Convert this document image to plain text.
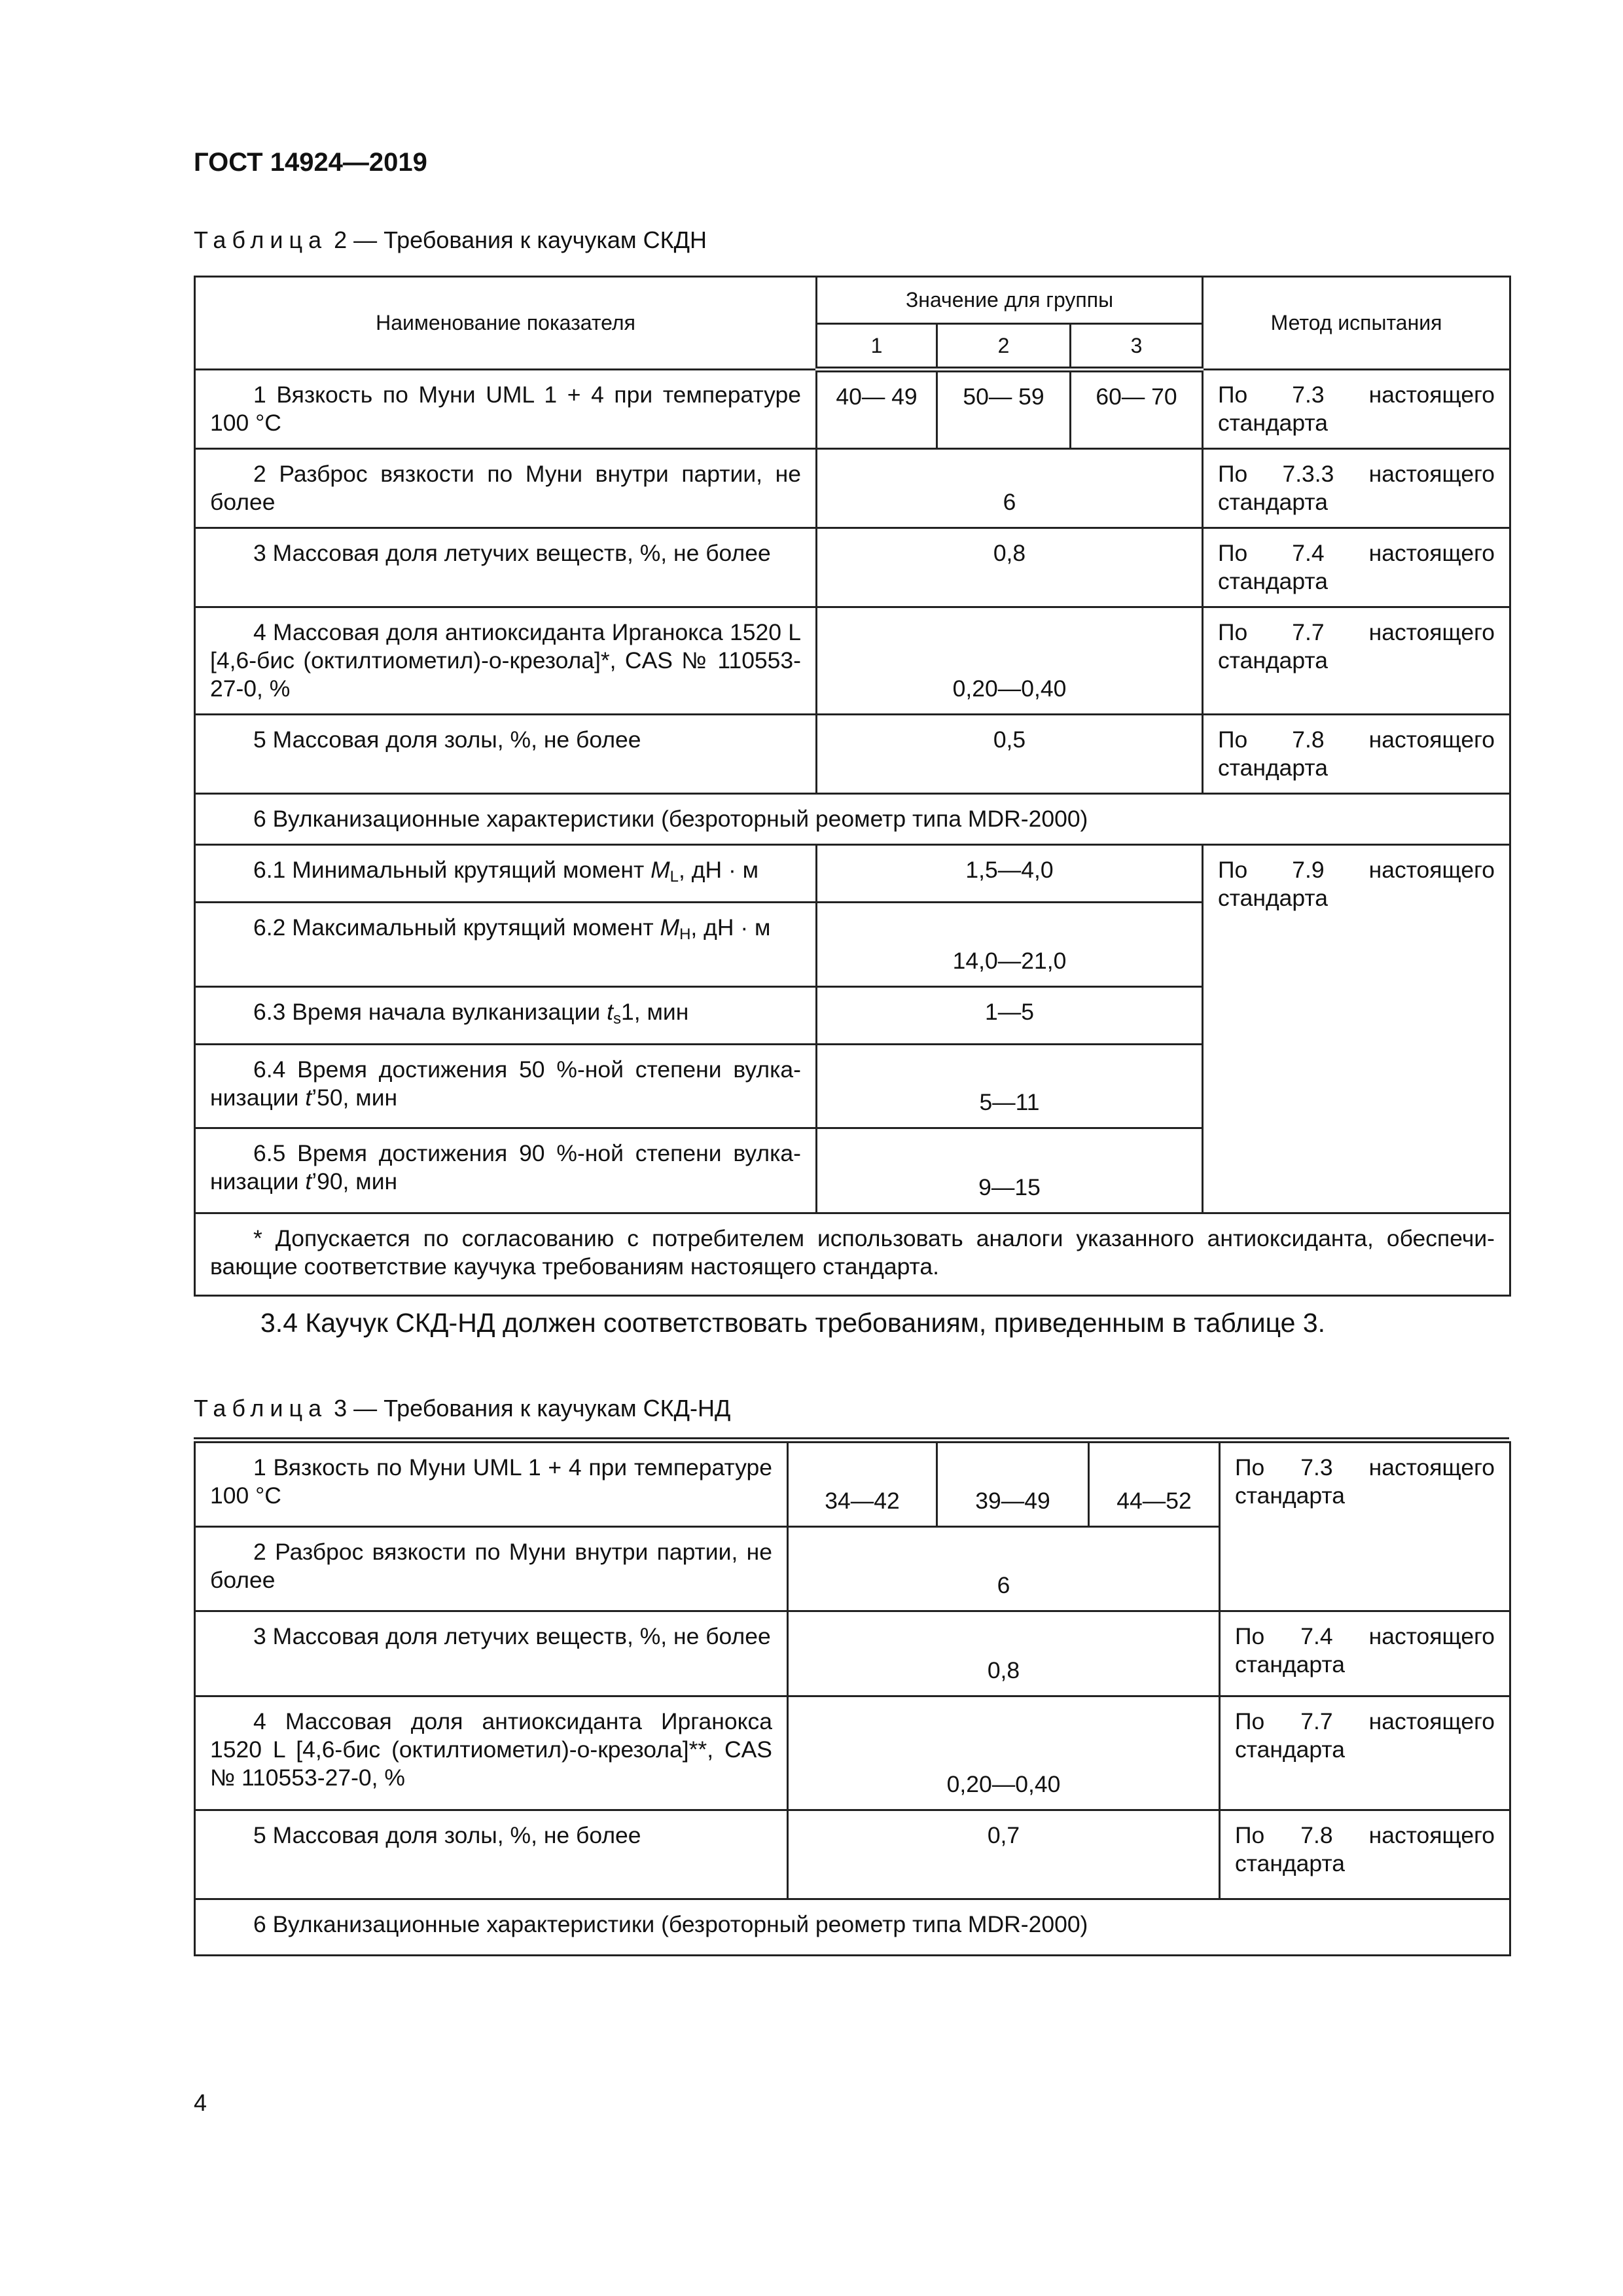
ГОСТ 14924—2019
Таблица 2 — Требования к каучукам СКДН
Наименование показателя	Значение для группы			Метод испытания
	1	2	3	

1 Вязкость по Муни UML 1 + 4 при температуре 100 °С	40— 49	50— 59	60— 70	По 7.3 настоящего стандарта

2 Разброс вязкости по Муни внутри партии, не более	6			По 7.3.3 настоящего стандарта

3 Массовая доля летучих веществ, %, не более	0,8			По 7.4 настоящего стандарта

4 Массовая доля антиоксиданта Ирганокса 1520 L [4,6-бис (октилтиометил)-о-крезола]*, CAS № 110553-27-0, %	0,20—0,40			По 7.7 настоящего стандарта

5 Массовая доля золы, %, не более	0,5			По 7.8 настоящего стандарта

6 Вулканизационные характеристики (безроторный реометр типа MDR-2000)				

6.1 Минимальный крутящий момент $M_L$, дН · м	1,5—4,0			По 7.9 настоящего стандарта

6.2 Максимальный крутящий момент $M_H$, дН · м	14,0—21,0			

6.3 Время начала вулканизации $t_s1$, мин	1—5			

6.4 Время достижения 50 %-ной степени вулканизации t’50, мин	5—11			

6.5 Время достижения 90 %-ной степени вулканизации t’90, мин	9—15			

* Допускается по согласованию с потребителем использовать аналоги указанного антиоксиданта, обеспечивающие соответствие каучука требованиям настоящего стандарта.				
3.4 Каучук СКД-НД должен соответствовать требованиям, приведенным в таблице 3.
Таблица 3 — Требования к каучукам СКД-НД
1 Вязкость по Муни UML 1 + 4 при температуре 100 °С	34—42	39—49	44—52	По 7.3 настоящего стандарта

2 Разброс вязкости по Муни внутри партии, не более	6			

3 Массовая доля летучих веществ, %, не более	0,8			По 7.4 настоящего стандарта

4 Массовая доля антиоксиданта Ирганокса 1520 L [4,6-бис (октилтиометил)-о-крезола]**, CAS № 110553-27-0, %	0,20—0,40			По 7.7 настоящего стандарта

5 Массовая доля золы, %, не более	0,7			По 7.8 настоящего стандарта

6 Вулканизационные характеристики (безроторный реометр типа MDR-2000)				
4
